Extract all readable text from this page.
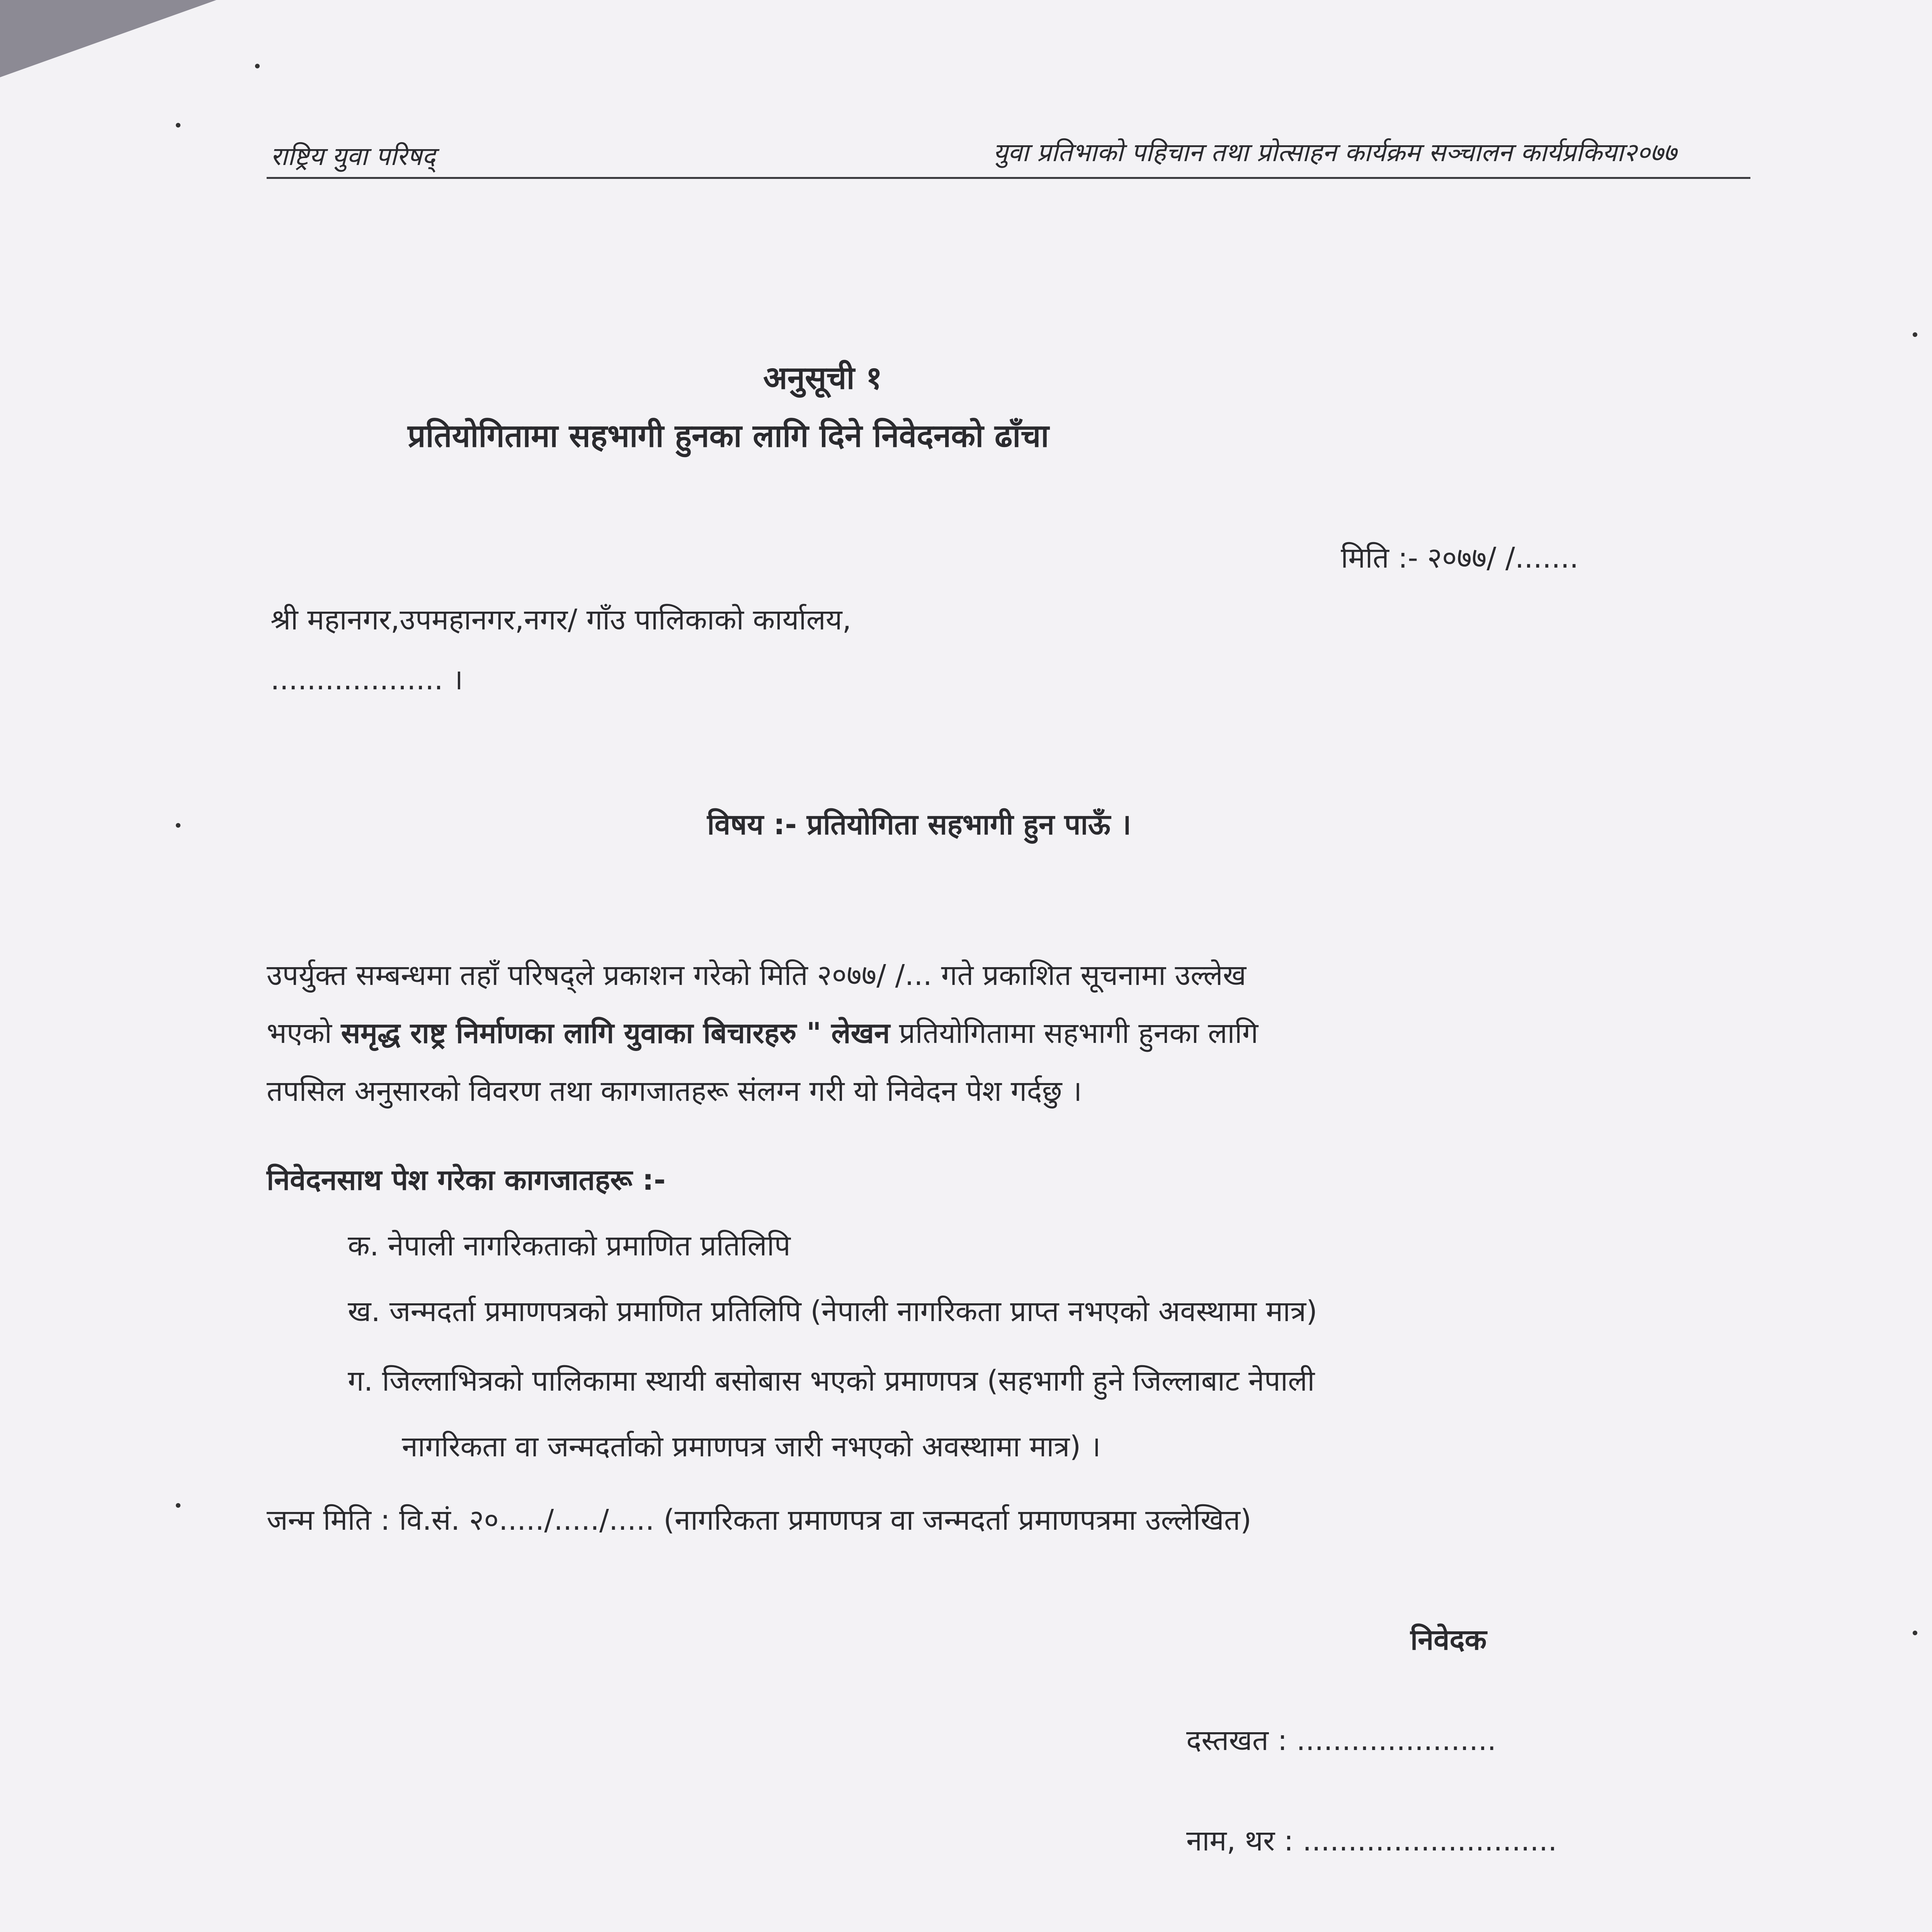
राष्ट्रिय युवा परिषद्	युवा प्रतिभाको पहिचान तथा प्रोत्साहन कार्यक्रम सञ्चालन कार्यप्रकिया२०७७
अनुसूची १
प्रतियोगितामा सहभागी हुनका लागि दिने निवेदनको ढाँचा
मिति :- २०७७/ /.......
श्री महानगर,उपमहानगर,नगर/ गाँउ पालिकाको कार्यालय,
................... ।
विषय :- प्रतियोगिता सहभागी हुन पाऊँ ।
उपर्युक्त सम्बन्धमा तहाँ परिषद्ले प्रकाशन गरेको मिति २०७७/ /... गते प्रकाशित सूचनामा उल्लेख
भएको समृद्ध राष्ट्र निर्माणका लागि युवाका बिचारहरु " लेखन प्रतियोगितामा सहभागी हुनका लागि
तपसिल अनुसारको विवरण तथा कागजातहरू संलग्न गरी यो निवेदन पेश गर्दछु ।
निवेदनसाथ पेश गरेका कागजातहरू :-
क. नेपाली नागरिकताको प्रमाणित प्रतिलिपि
ख. जन्मदर्ता प्रमाणपत्रको प्रमाणित प्रतिलिपि (नेपाली नागरिकता प्राप्त नभएको अवस्थामा मात्र)
ग. जिल्लाभित्रको पालिकामा स्थायी बसोबास भएको प्रमाणपत्र (सहभागी हुने जिल्लाबाट नेपाली
नागरिकता वा जन्मदर्ताको प्रमाणपत्र जारी नभएको अवस्थामा मात्र) ।
जन्म मिति : वि.सं. २०...../...../..... (नागरिकता प्रमाणपत्र वा जन्मदर्ता प्रमाणपत्रमा उल्लेखित)
निवेदक
दस्तखत : ......................
नाम, थर : ............................
